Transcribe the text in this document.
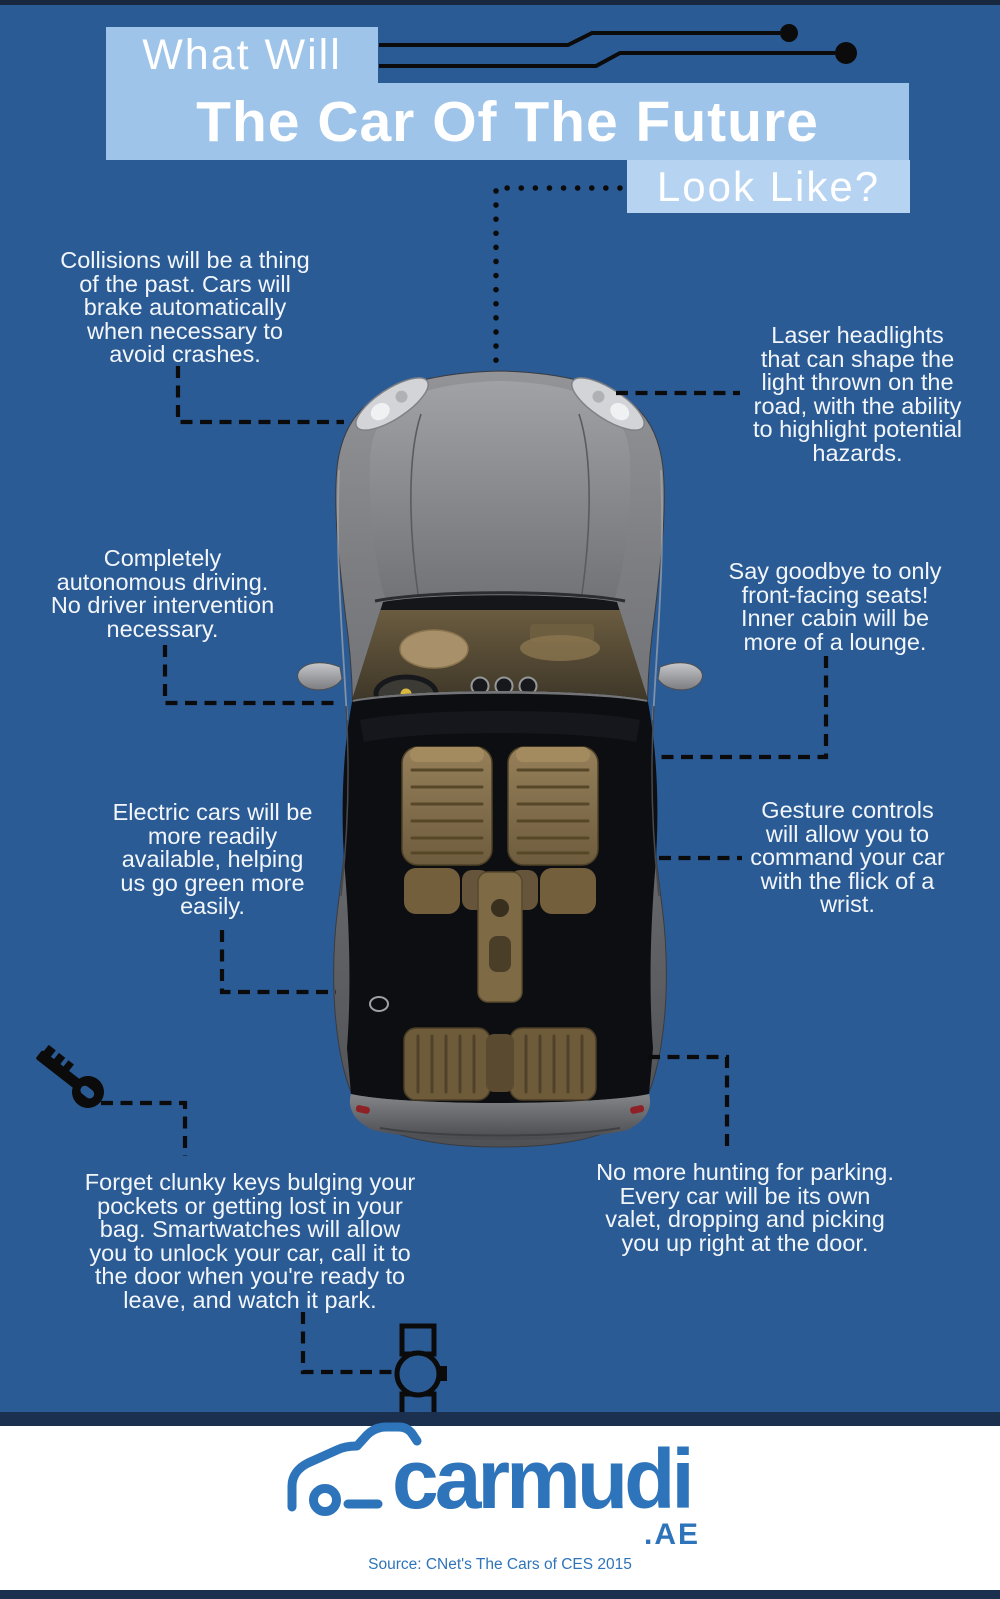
What Will
The Car Of The Future
Look Like?
Collisions will be a thing
of the past. Cars will
brake automatically
when necessary to
avoid crashes.
Laser headlights
that can shape the
light thrown on the
road, with the ability
to highlight potential
hazards.
Completely
autonomous driving.
No driver intervention
necessary.
Say goodbye to only
front-facing seats!
Inner cabin will be
more of a lounge.
Electric cars will be
more readily
available, helping
us go green more
easily.
Gesture controls
will allow you to
command your car
with the flick of a
wrist.
Forget clunky keys bulging your
pockets or getting lost in your
bag. Smartwatches will allow
you to unlock your car, call it to
the door when you're ready to
leave, and watch it park.
No more hunting for parking.
Every car will be its own
valet, dropping and picking
you up right at the door.
carmudi
.AE
Source: CNet's The Cars of CES 2015
